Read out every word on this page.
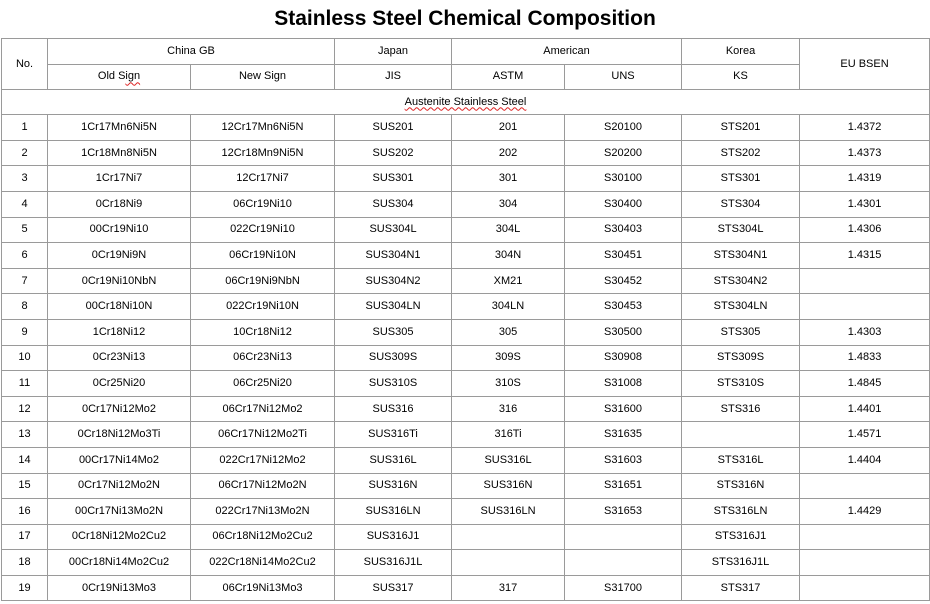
Stainless Steel Chemical Composition
No.	China GB		Japan	American		Korea	EU BSEN
	Old Sign	New Sign	JIS	ASTM	UNS	KS	
Austenite Stainless Steel							
1	1Cr17Mn6Ni5N	12Cr17Mn6Ni5N	SUS201	201	S20100	STS201	1.4372
2	1Cr18Mn8Ni5N	12Cr18Mn9Ni5N	SUS202	202	S20200	STS202	1.4373
3	1Cr17Ni7	12Cr17Ni7	SUS301	301	S30100	STS301	1.4319
4	0Cr18Ni9	06Cr19Ni10	SUS304	304	S30400	STS304	1.4301
5	00Cr19Ni10	022Cr19Ni10	SUS304L	304L	S30403	STS304L	1.4306
6	0Cr19Ni9N	06Cr19Ni10N	SUS304N1	304N	S30451	STS304N1	1.4315
7	0Cr19Ni10NbN	06Cr19Ni9NbN	SUS304N2	XM21	S30452	STS304N2	
8	00Cr18Ni10N	022Cr19Ni10N	SUS304LN	304LN	S30453	STS304LN	
9	1Cr18Ni12	10Cr18Ni12	SUS305	305	S30500	STS305	1.4303
10	0Cr23Ni13	06Cr23Ni13	SUS309S	309S	S30908	STS309S	1.4833
11	0Cr25Ni20	06Cr25Ni20	SUS310S	310S	S31008	STS310S	1.4845
12	0Cr17Ni12Mo2	06Cr17Ni12Mo2	SUS316	316	S31600	STS316	1.4401
13	0Cr18Ni12Mo3Ti	06Cr17Ni12Mo2Ti	SUS316Ti	316Ti	S31635		1.4571
14	00Cr17Ni14Mo2	022Cr17Ni12Mo2	SUS316L	SUS316L	S31603	STS316L	1.4404
15	0Cr17Ni12Mo2N	06Cr17Ni12Mo2N	SUS316N	SUS316N	S31651	STS316N	
16	00Cr17Ni13Mo2N	022Cr17Ni13Mo2N	SUS316LN	SUS316LN	S31653	STS316LN	1.4429
17	0Cr18Ni12Mo2Cu2	06Cr18Ni12Mo2Cu2	SUS316J1			STS316J1	
18	00Cr18Ni14Mo2Cu2	022Cr18Ni14Mo2Cu2	SUS316J1L			STS316J1L	
19	0Cr19Ni13Mo3	06Cr19Ni13Mo3	SUS317	317	S31700	STS317	
